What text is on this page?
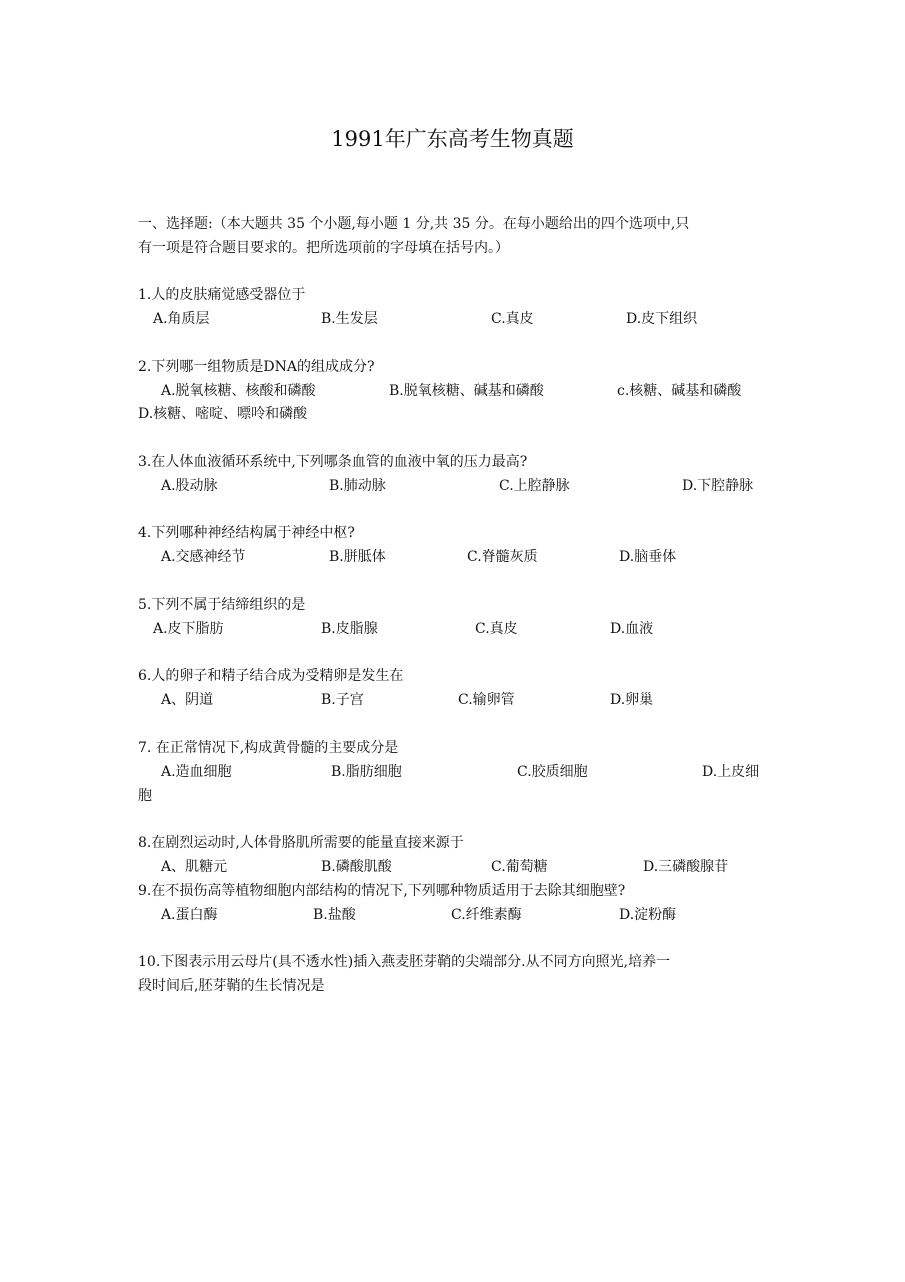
1991年广东高考生物真题
一、选择题:（本大题共 35 个小题,每小题 1 分,共 35 分。在每小题给出的四个选项中,只
有一项是符合题目要求的。把所选项前的字母填在括号内。）
1.人的皮肤痛觉感受器位于
A.角质层	B.生发层	C.真皮	D.皮下组织
2.下列哪一组物质是DNA的组成成分?
A.脱氧核糖、核酸和磷酸	B.脱氧核糖、碱基和磷酸	c.核糖、碱基和磷酸
D.核糖、嘧啶、嘌呤和磷酸
3.在人体血液循环系统中,下列哪条血管的血液中氧的压力最高?
A.股动脉	B.肺动脉	C.上腔静脉	D.下腔静脉
4.下列哪种神经结构属于神经中枢?
A.交感神经节	B.胼胝体	C.脊髓灰质	D.脑垂体
5.下列不属于结缔组织的是
A.皮下脂肪	B.皮脂腺	C.真皮	D.血液
6.人的卵子和精子结合成为受精卵是发生在
A、阴道	B.子宫	C.输卵管	D.卵巢
7. 在正常情况下,构成黄骨髓的主要成分是
A.造血细胞	B.脂肪细胞	C.胶质细胞	D.上皮细
胞
8.在剧烈运动时,人体骨胳肌所需要的能量直接来源于
A、肌糖元	B.磷酸肌酸	C.葡萄糖	D.三磷酸腺苷
9.在不损伤高等植物细胞内部结构的情况下,下列哪种物质适用于去除其细胞壁?
A.蛋白酶	B.盐酸	C.纤维素酶	D.淀粉酶
10.下图表示用云母片(具不透水性)插入燕麦胚芽鞘的尖端部分.从不同方向照光,培养一
段时间后,胚芽鞘的生长情况是
